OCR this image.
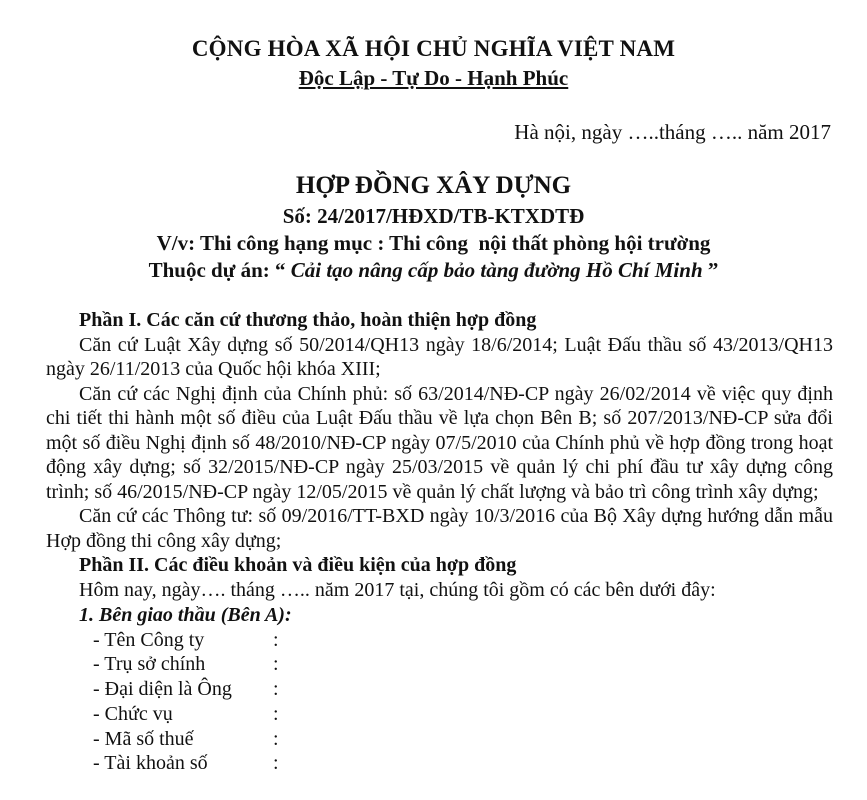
CỘNG HÒA XÃ HỘI CHỦ NGHĨA VIỆT NAM
Độc Lập - Tự Do - Hạnh Phúc
Hà nội, ngày …..tháng ….. năm 2017
HỢP ĐỒNG XÂY DỰNG
Số: 24/2017/HĐXD/TB-KTXDTĐ
V/v: Thi công hạng mục : Thi công  nội thất phòng hội trường
Thuộc dự án: “ Cải tạo nâng cấp bảo tàng đường Hồ Chí Minh ”
Phần I. Các căn cứ thương thảo, hoàn thiện hợp đồng
Căn cứ Luật Xây dựng số 50/2014/QH13 ngày 18/6/2014; Luật Đấu thầu số 43/2013/QH13 ngày 26/11/2013 của Quốc hội khóa XIII;
Căn cứ các Nghị định của Chính phủ: số 63/2014/NĐ-CP ngày 26/02/2014 về việc quy định chi tiết thi hành một số điều của Luật Đấu thầu về lựa chọn Bên B; số 207/2013/NĐ-CP sửa đổi một số điều Nghị định số 48/2010/NĐ-CP ngày 07/5/2010 của Chính phủ về hợp đồng trong hoạt động xây dựng; số 32/2015/NĐ-CP ngày 25/03/2015 về quản lý chi phí đầu tư xây dựng công trình; số 46/2015/NĐ-CP ngày 12/05/2015 về quản lý chất lượng và bảo trì công trình xây dựng;
Căn cứ các Thông tư: số 09/2016/TT-BXD ngày 10/3/2016 của Bộ Xây dựng hướng dẫn mẫu Hợp đồng thi công xây dựng;
Phần II. Các điều khoản và điều kiện của hợp đồng
Hôm nay, ngày…. tháng ….. năm 2017 tại, chúng tôi gồm có các bên dưới đây:
1. Bên giao thầu (Bên A):
- Tên Công ty	:
- Trụ sở chính	:
- Đại diện là Ông	:
- Chức vụ	:
- Mã số thuế	:
- Tài khoản số	:
